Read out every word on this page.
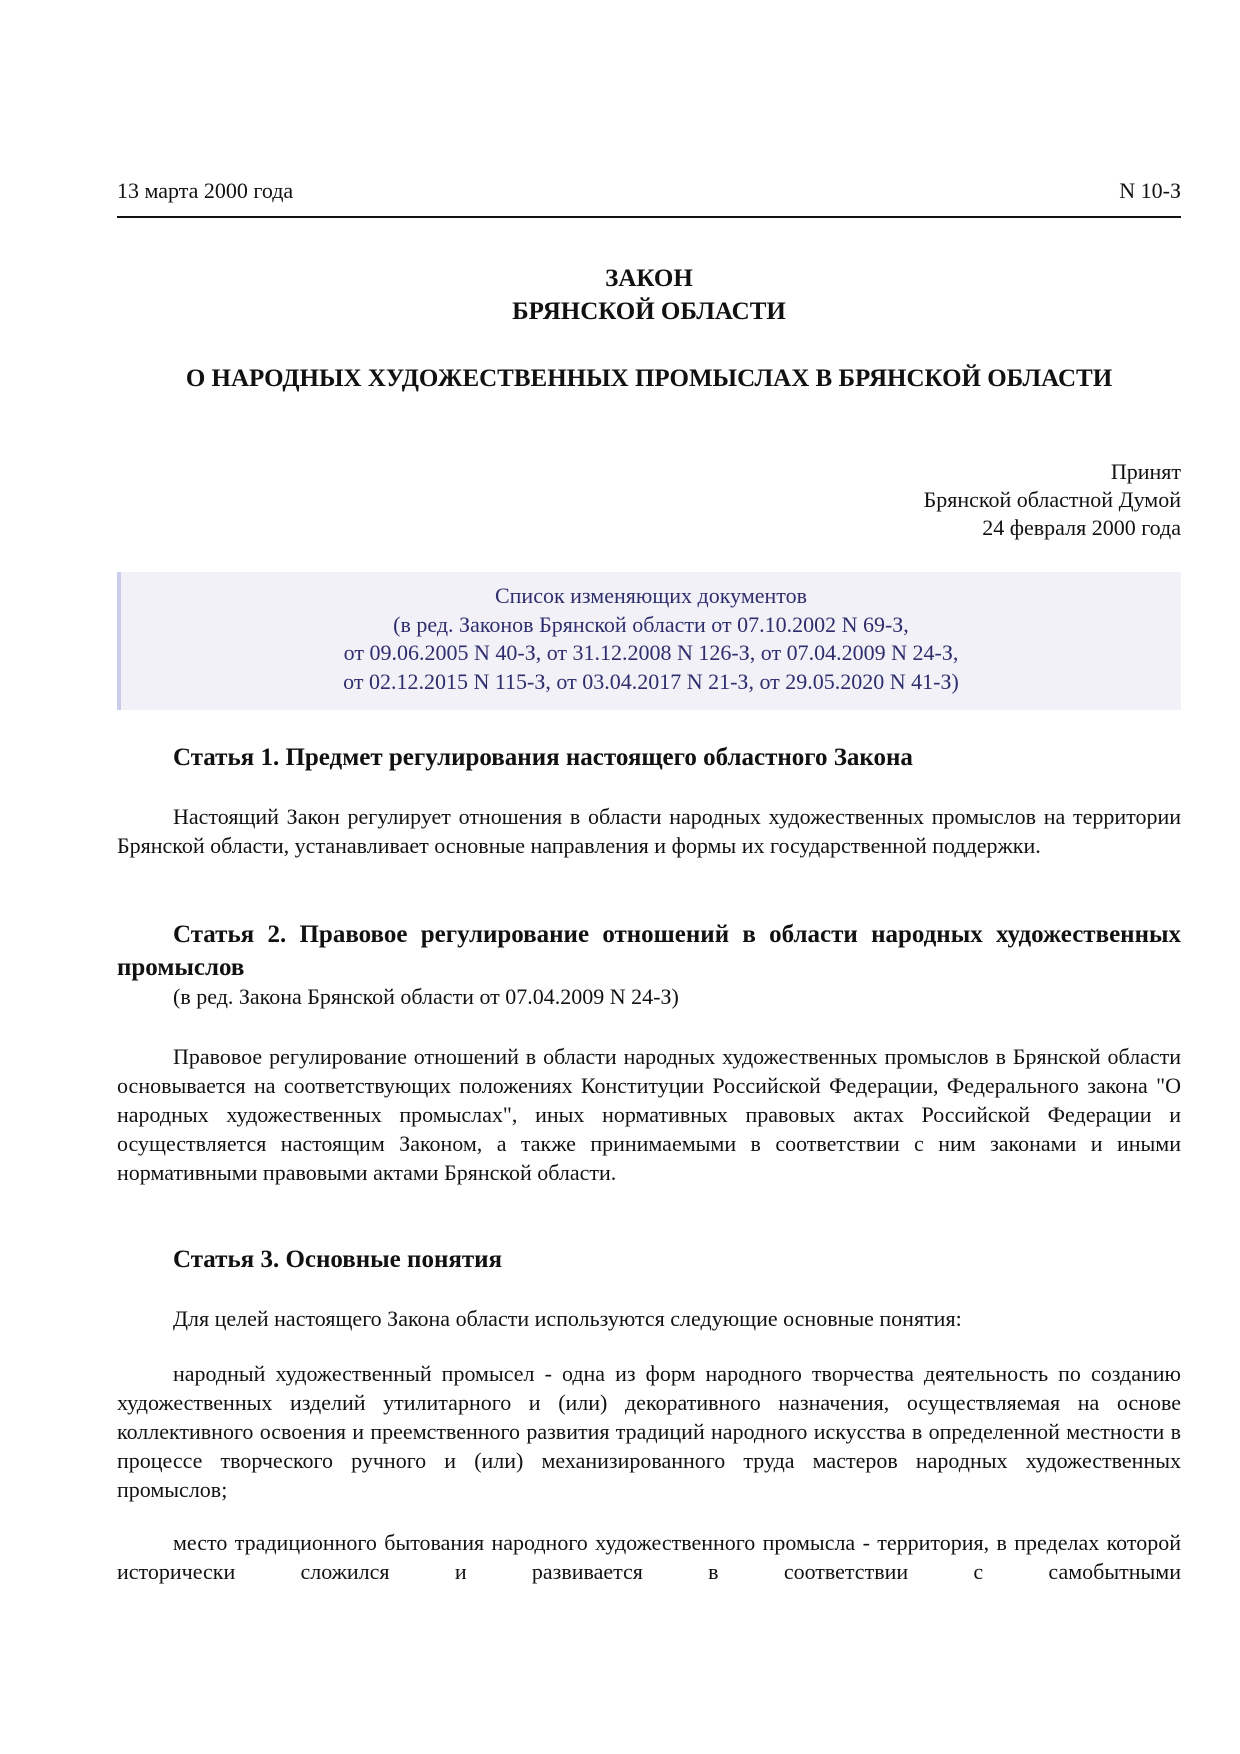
13 марта 2000 года	N 10-З
ЗАКОН
БРЯНСКОЙ ОБЛАСТИ
О НАРОДНЫХ ХУДОЖЕСТВЕННЫХ ПРОМЫСЛАХ В БРЯНСКОЙ ОБЛАСТИ
Принят
Брянской областной Думой
24 февраля 2000 года
Список изменяющих документов
(в ред. Законов Брянской области от 07.10.2002 N 69-З,
от 09.06.2005 N 40-З, от 31.12.2008 N 126-З, от 07.04.2009 N 24-З,
от 02.12.2015 N 115-З, от 03.04.2017 N 21-З, от 29.05.2020 N 41-З)
Статья 1. Предмет регулирования настоящего областного Закона
Настоящий Закон регулирует отношения в области народных художественных промыслов на территории Брянской области, устанавливает основные направления и формы их государственной поддержки.
Статья 2. Правовое регулирование отношений в области народных художественных промыслов
(в ред. Закона Брянской области от 07.04.2009 N 24-З)
Правовое регулирование отношений в области народных художественных промыслов в Брянской области основывается на соответствующих положениях Конституции Российской Федерации, Федерального закона "О народных художественных промыслах", иных нормативных правовых актах Российской Федерации и осуществляется настоящим Законом, а также принимаемыми в соответствии с ним законами и иными нормативными правовыми актами Брянской области.
Статья 3. Основные понятия
Для целей настоящего Закона области используются следующие основные понятия:
народный художественный промысел - одна из форм народного творчества деятельность по созданию художественных изделий утилитарного и (или) декоративного назначения, осуществляемая на основе коллективного освоения и преемственного развития традиций народного искусства в определенной местности в процессе творческого ручного и (или) механизированного труда мастеров народных художественных промыслов;
место традиционного бытования народного художественного промысла - территория, в пределах которой исторически сложился и развивается в соответствии с самобытными
